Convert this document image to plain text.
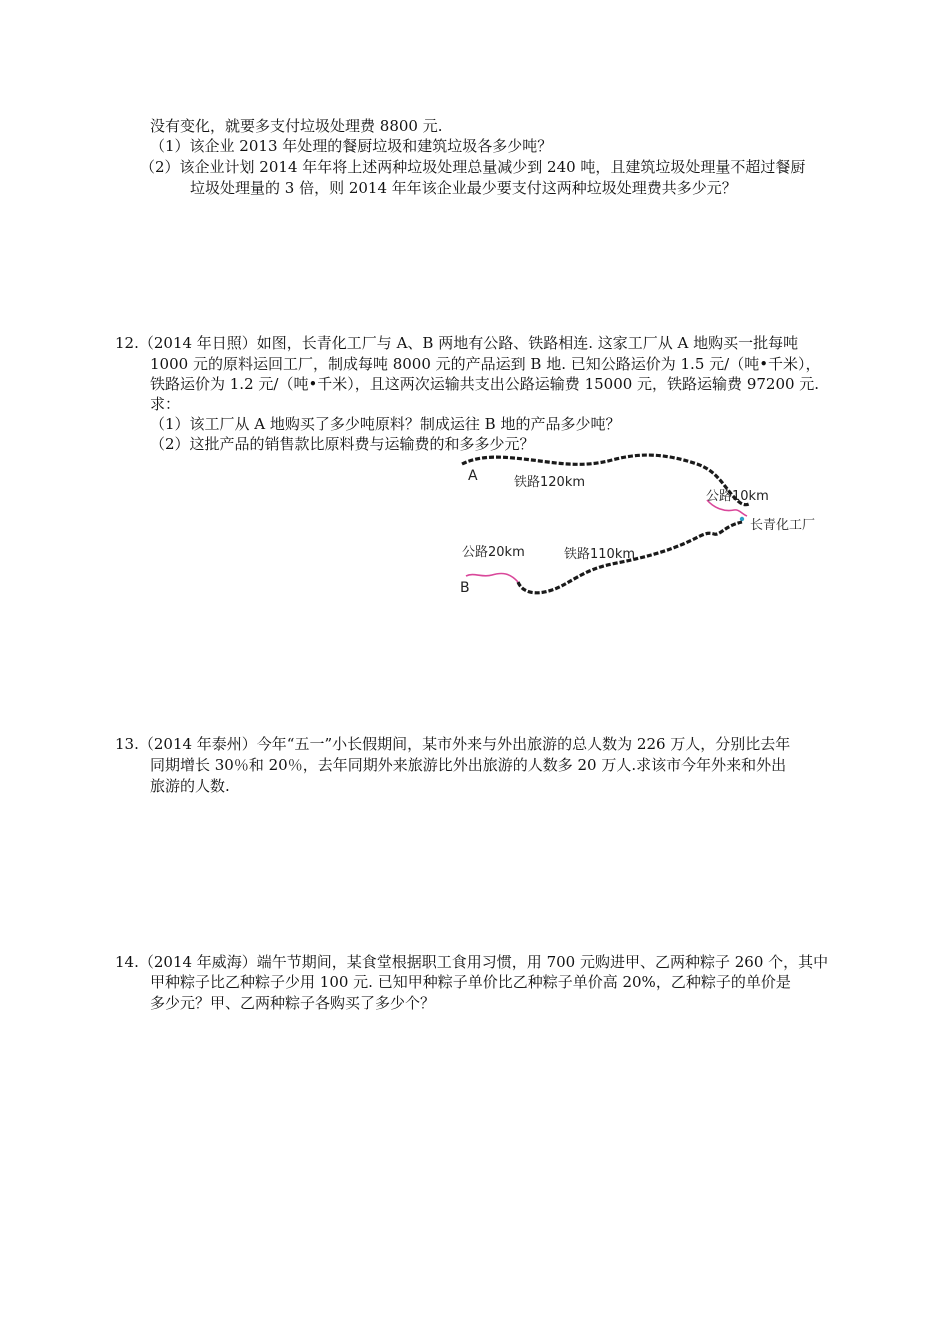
没有变化，就要多支付垃圾处理费 8800 元.
（1）该企业 2013 年处理的餐厨垃圾和建筑垃圾各多少吨？
（2）该企业计划 2014 年年将上述两种垃圾处理总量减少到 240 吨，且建筑垃圾处理量不超过餐厨
垃圾处理量的 3 倍，则 2014 年年该企业最少要支付这两种垃圾处理费共多少元？
12.（2014 年日照）如图，长青化工厂与 A、B 两地有公路、铁路相连. 这家工厂从 A 地购买一批每吨
1000 元的原料运回工厂，制成每吨 8000 元的产品运到 B 地. 已知公路运价为 1.5 元/（吨•千米），
铁路运价为 1.2 元/（吨•千米），且这两次运输共支出公路运输费 15000 元，铁路运输费 97200 元.
求：
（1）该工厂从 A 地购买了多少吨原料？制成运往 B 地的产品多少吨？
（2）这批产品的销售款比原料费与运输费的和多多少元？
A	铁路120km
公路10km
长青化工厂
公路20km	铁路110km
B
13.（2014 年泰州）今年“五一”小长假期间，某市外来与外出旅游的总人数为 226 万人，分别比去年
同期增长 30％和 20％，去年同期外来旅游比外出旅游的人数多 20 万人.求该市今年外来和外出
旅游的人数.
14.（2014 年威海）端午节期间，某食堂根据职工食用习惯，用 700 元购进甲、乙两种粽子 260 个，其中
甲种粽子比乙种粽子少用 100 元. 已知甲种粽子单价比乙种粽子单价高 20%，乙种粽子的单价是
多少元？甲、乙两种粽子各购买了多少个？
